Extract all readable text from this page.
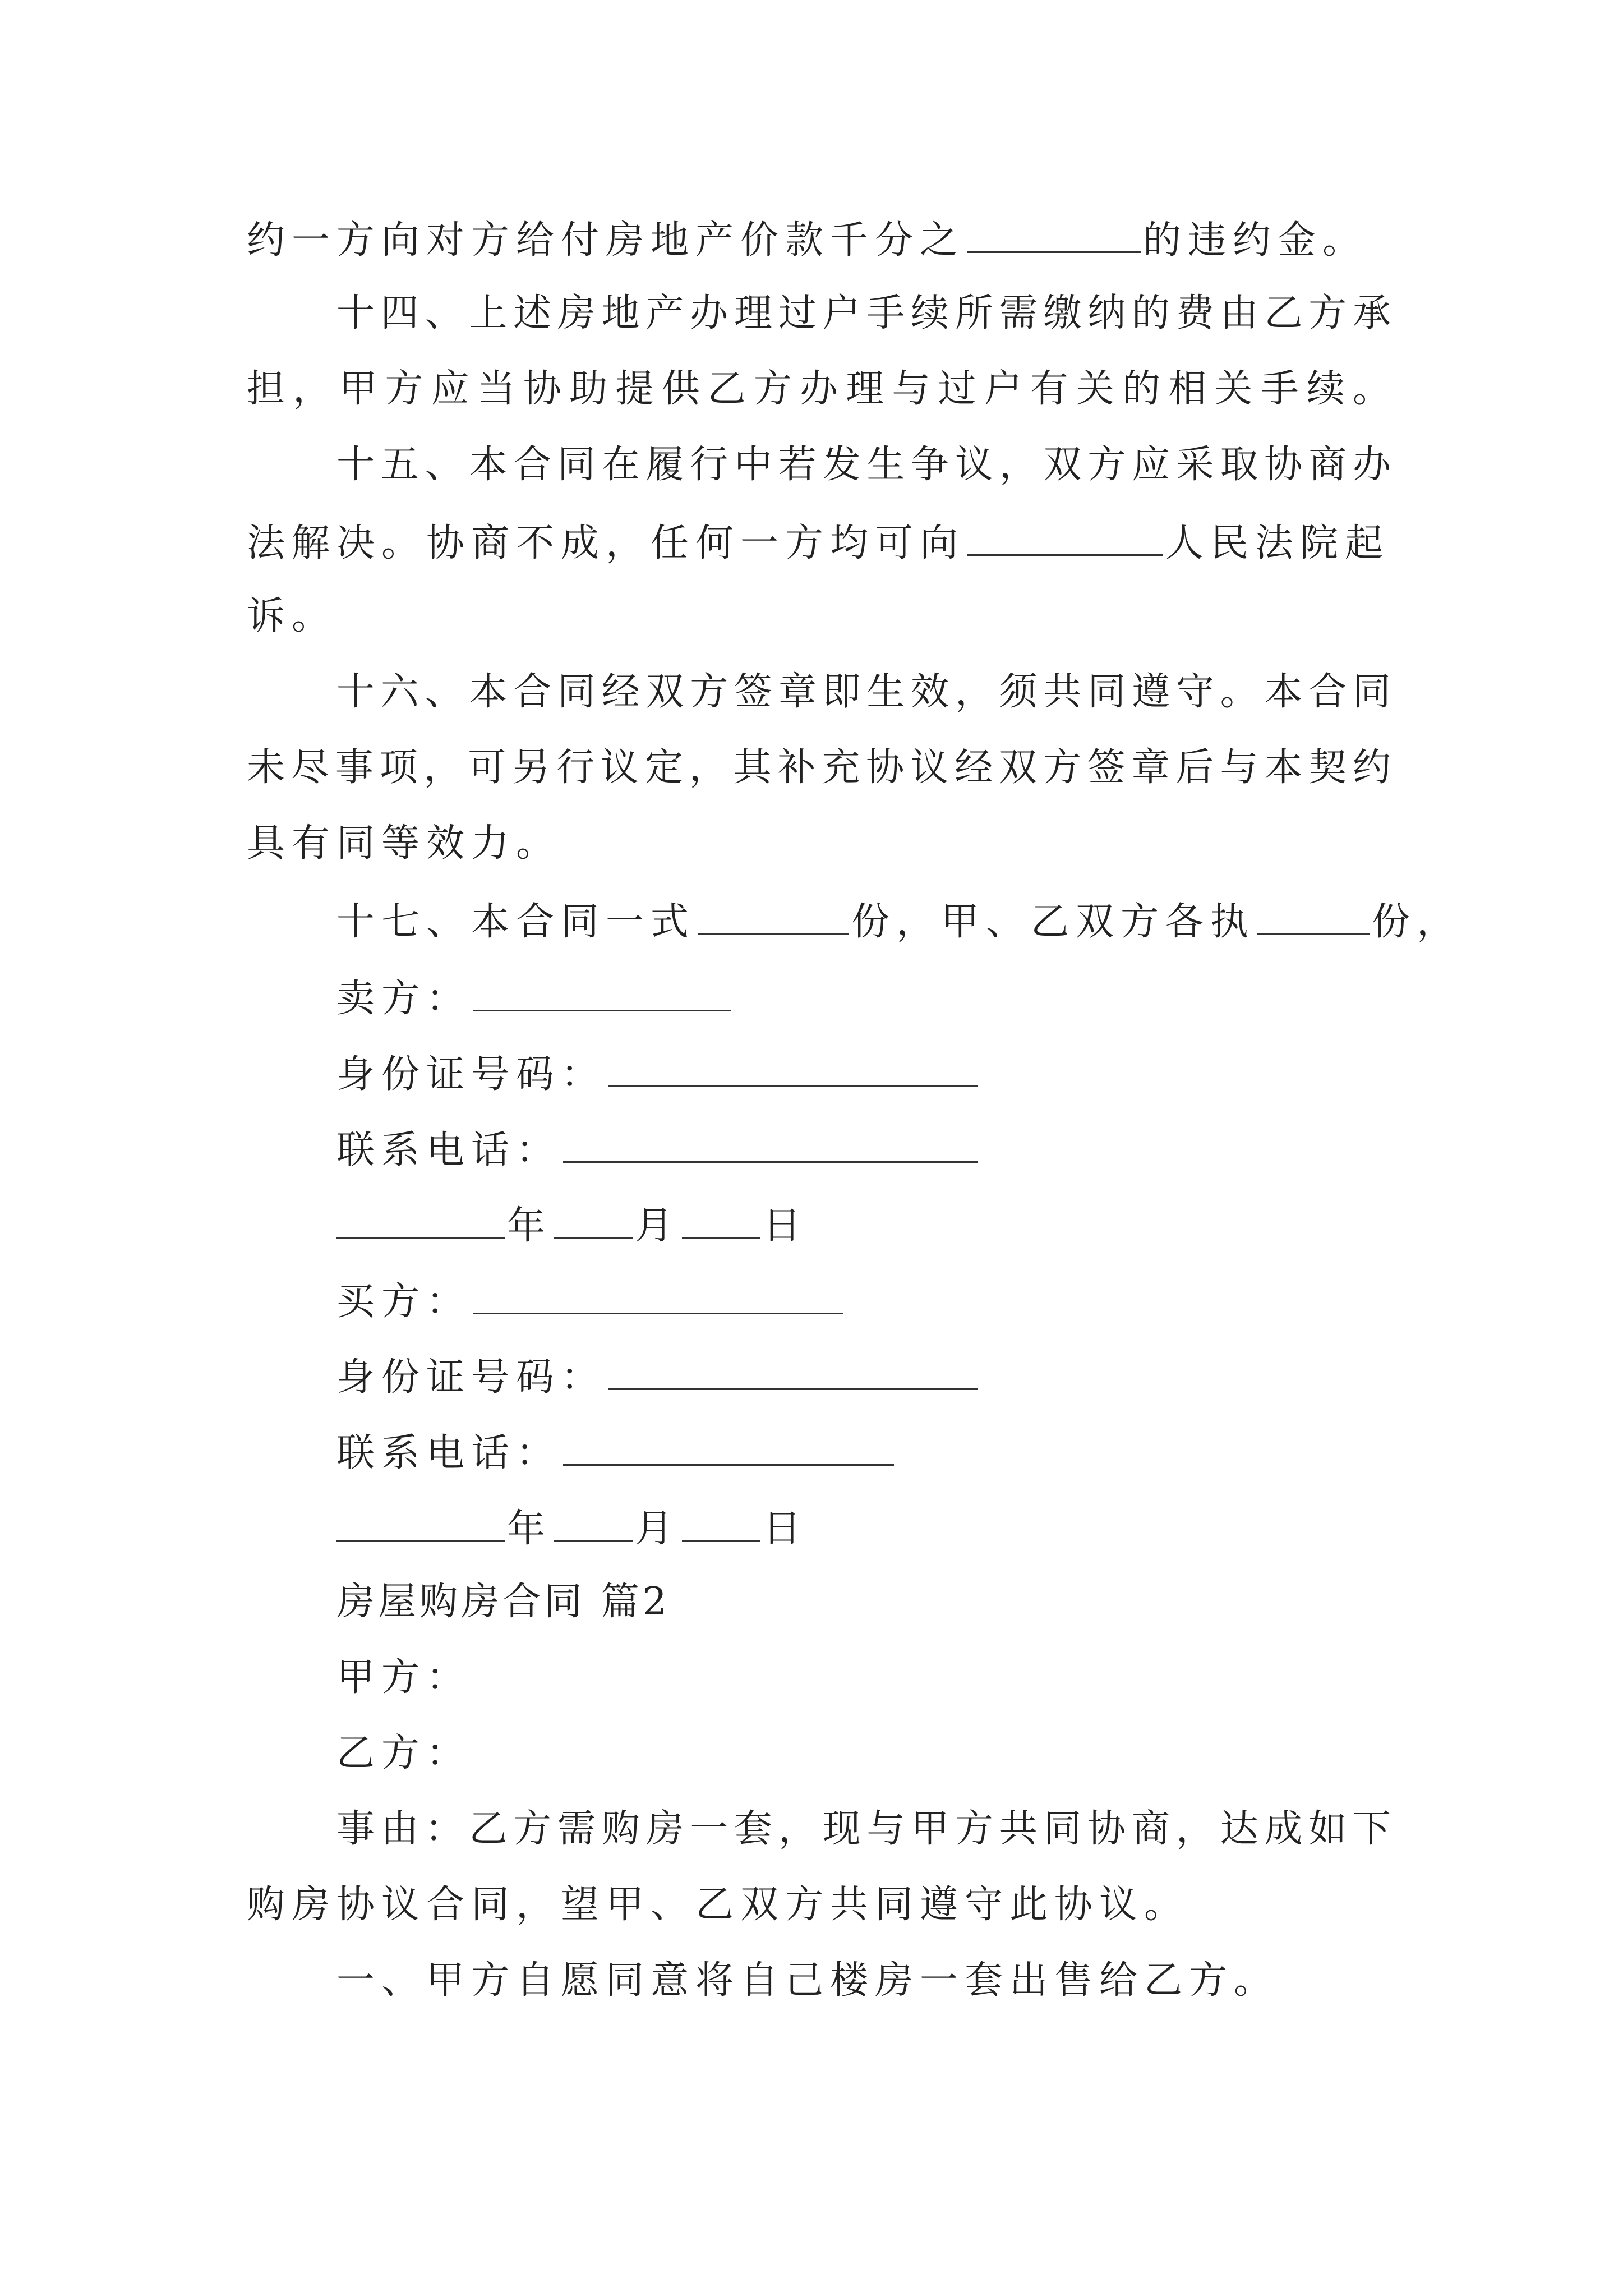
约一方向对方给付房地产价款千分之	的违约金。
十四、上述房地产办理过户手续所需缴纳的费由乙方承
担，甲方应当协助提供乙方办理与过户有关的相关手续。
十五、本合同在履行中若发生争议，双方应采取协商办
法解决。协商不成，任何一方均可向	人民法院起
诉。
十六、本合同经双方签章即生效，须共同遵守。本合同
未尽事项，可另行议定，其补充协议经双方签章后与本契约
具有同等效力。
十七、本合同一式	份，甲、乙双方各执	份，
卖方：
身份证号码：
联系电话：
年 月 日
买方：
身份证号码：
联系电话：
年 月 日
房屋购房合同 篇2
甲方：
乙方：
事由：乙方需购房一套，现与甲方共同协商，达成如下
购房协议合同，望甲、乙双方共同遵守此协议。
一、甲方自愿同意将自己楼房一套出售给乙方。
